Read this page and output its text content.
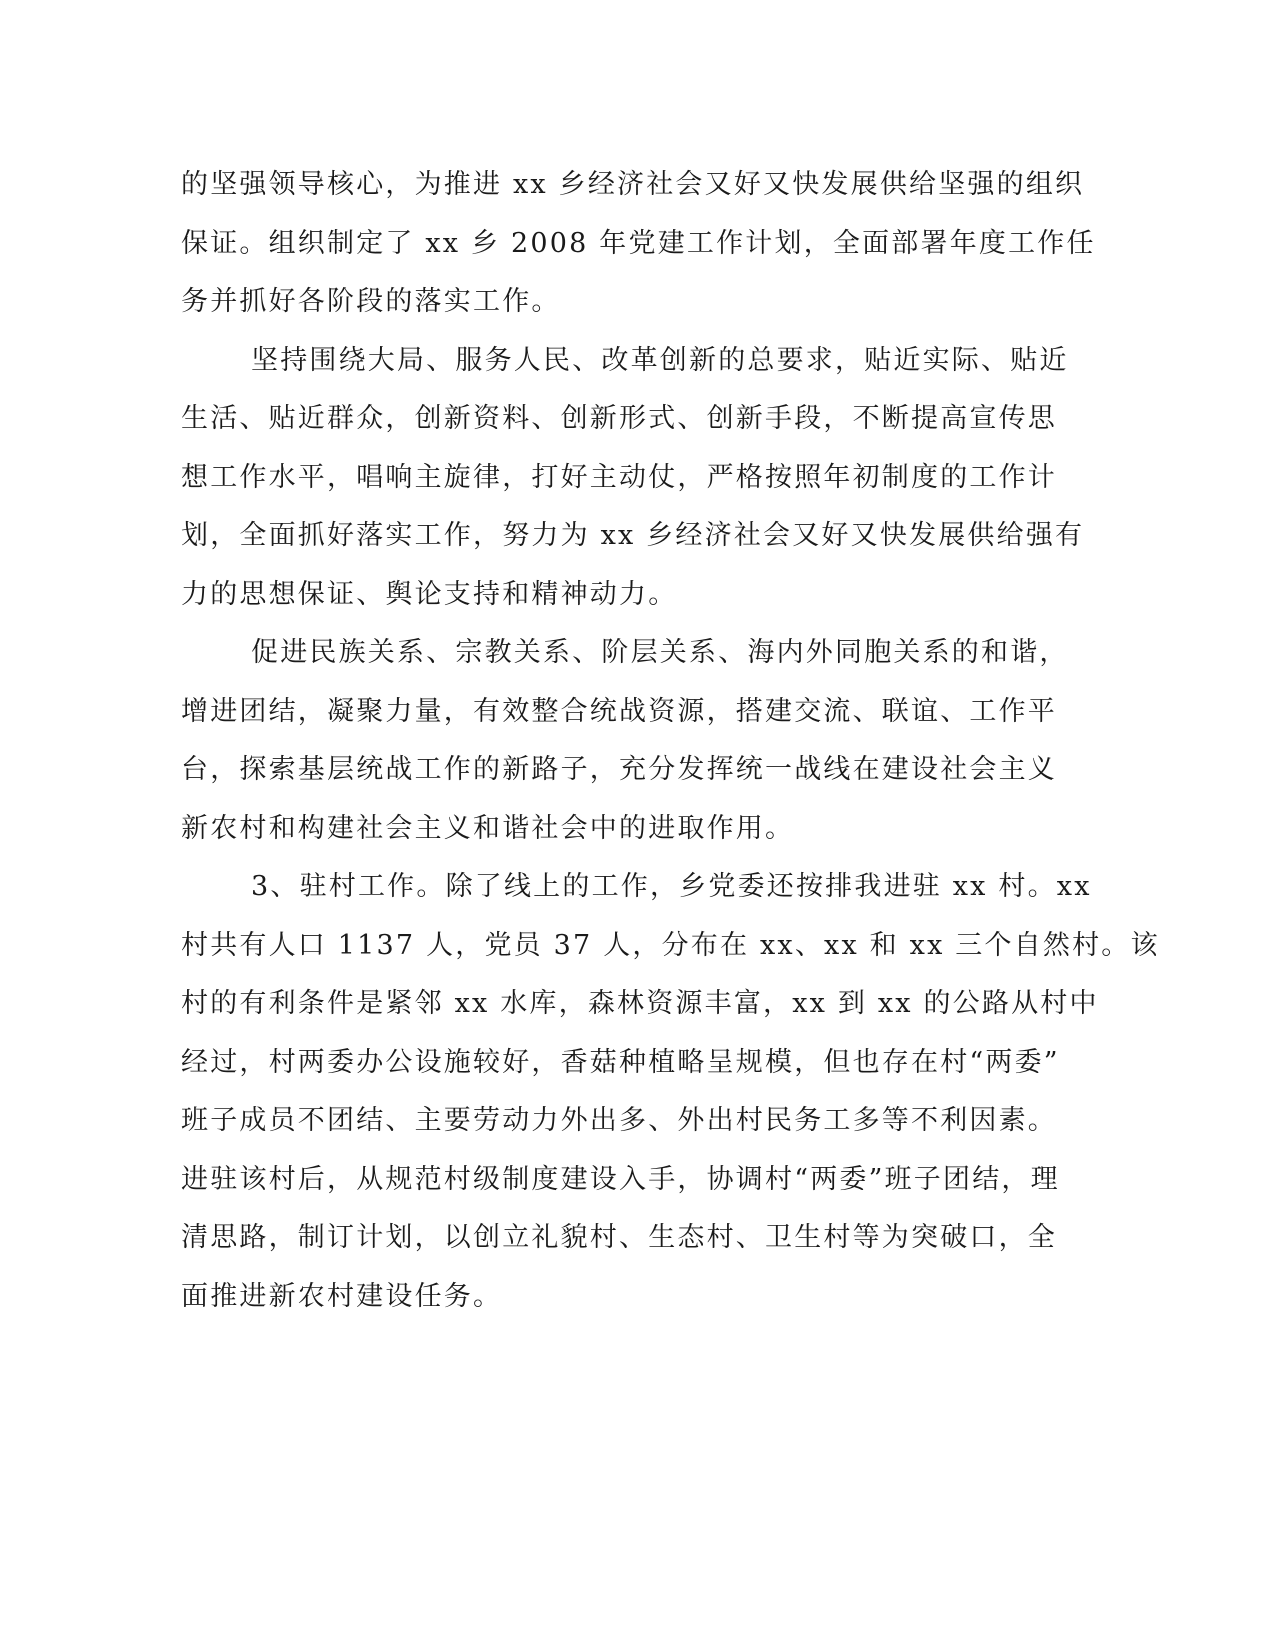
的坚强领导核心，为推进 xx 乡经济社会又好又快发展供给坚强的组织
保证。组织制定了 xx 乡 2008 年党建工作计划，全面部署年度工作任
务并抓好各阶段的落实工作。
坚持围绕大局、服务人民、改革创新的总要求，贴近实际、贴近
生活、贴近群众，创新资料、创新形式、创新手段，不断提高宣传思
想工作水平，唱响主旋律，打好主动仗，严格按照年初制度的工作计
划，全面抓好落实工作，努力为 xx 乡经济社会又好又快发展供给强有
力的思想保证、舆论支持和精神动力。
促进民族关系、宗教关系、阶层关系、海内外同胞关系的和谐，
增进团结，凝聚力量，有效整合统战资源，搭建交流、联谊、工作平
台，探索基层统战工作的新路子，充分发挥统一战线在建设社会主义
新农村和构建社会主义和谐社会中的进取作用。
3、驻村工作。除了线上的工作，乡党委还按排我进驻 xx 村。xx
村共有人口 1137 人，党员 37 人，分布在 xx、xx 和 xx 三个自然村。该
村的有利条件是紧邻 xx 水库，森林资源丰富，xx 到 xx 的公路从村中
经过，村两委办公设施较好，香菇种植略呈规模，但也存在村“两委”
班子成员不团结、主要劳动力外出多、外出村民务工多等不利因素。
进驻该村后，从规范村级制度建设入手，协调村“两委”班子团结，理
清思路，制订计划，以创立礼貌村、生态村、卫生村等为突破口，全
面推进新农村建设任务。
